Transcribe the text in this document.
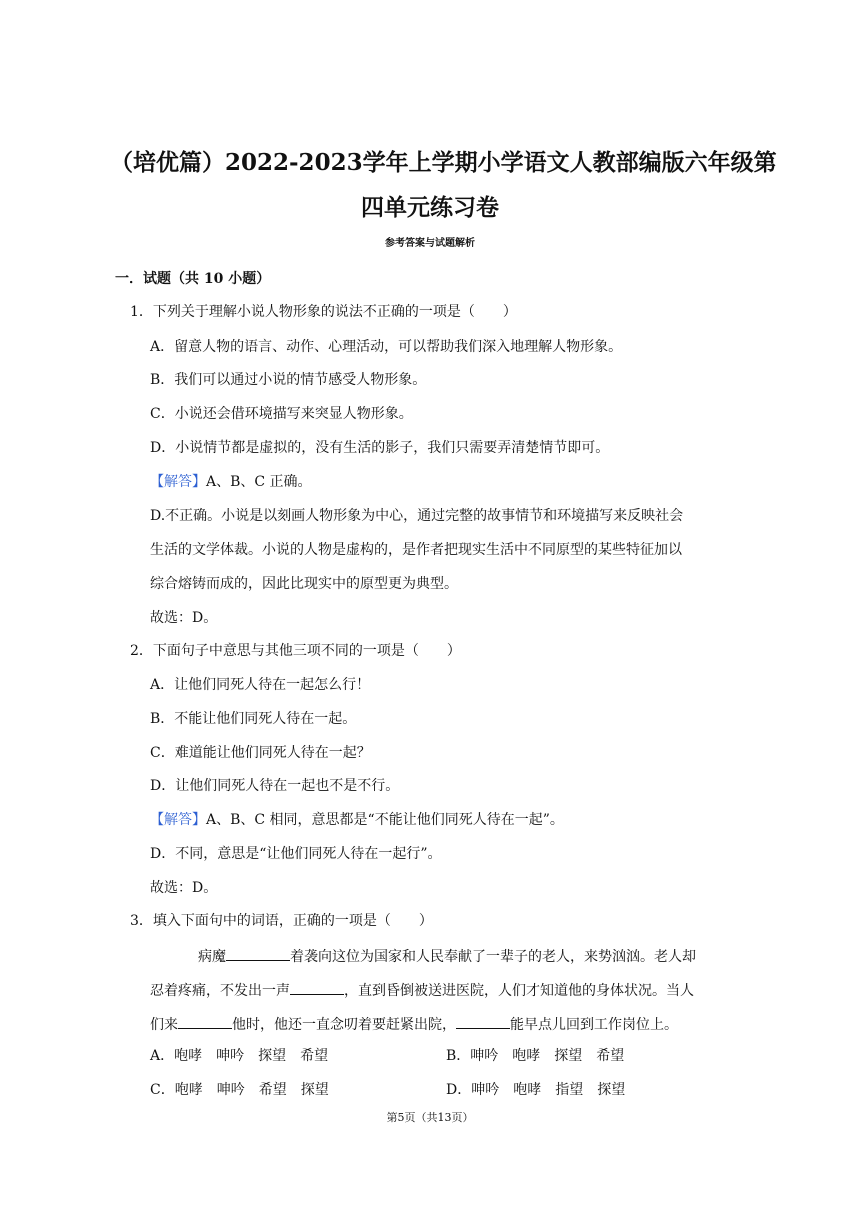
（培优篇）2022-2023学年上学期小学语文人教部编版六年级第
四单元练习卷
参考答案与试题解析
一．试题（共 10 小题）
1．下列关于理解小说人物形象的说法不正确的一项是（　　）
A．留意人物的语言、动作、心理活动，可以帮助我们深入地理解人物形象。
B．我们可以通过小说的情节感受人物形象。
C．小说还会借环境描写来突显人物形象。
D．小说情节都是虚拟的，没有生活的影子，我们只需要弄清楚情节即可。
【解答】A、B、C 正确。
D.不正确。小说是以刻画人物形象为中心，通过完整的故事情节和环境描写来反映社会
生活的文学体裁。小说的人物是虚构的，是作者把现实生活中不同原型的某些特征加以
综合熔铸而成的，因此比现实中的原型更为典型。
故选：D。
2．下面句子中意思与其他三项不同的一项是（　　）
A．让他们同死人待在一起怎么行！
B．不能让他们同死人待在一起。
C．难道能让他们同死人待在一起？
D．让他们同死人待在一起也不是不行。
【解答】A、B、C 相同，意思都是“不能让他们同死人待在一起”。
D．不同，意思是“让他们同死人待在一起行”。
故选：D。
3．填入下面句中的词语，正确的一项是（　　）
病魔	着袭向这位为国家和人民奉献了一辈子的老人，来势汹汹。老人却
忍着疼痛，不发出一声	，直到昏倒被送进医院，人们才知道他的身体状况。当人
们来	他时，他还一直念叨着要赶紧出院，	能早点儿回到工作岗位上。
A．咆哮　呻吟　探望　希望	B．呻吟　咆哮　探望　希望
C．咆哮　呻吟　希望　探望	D．呻吟　咆哮　指望　探望
第5页（共13页）
